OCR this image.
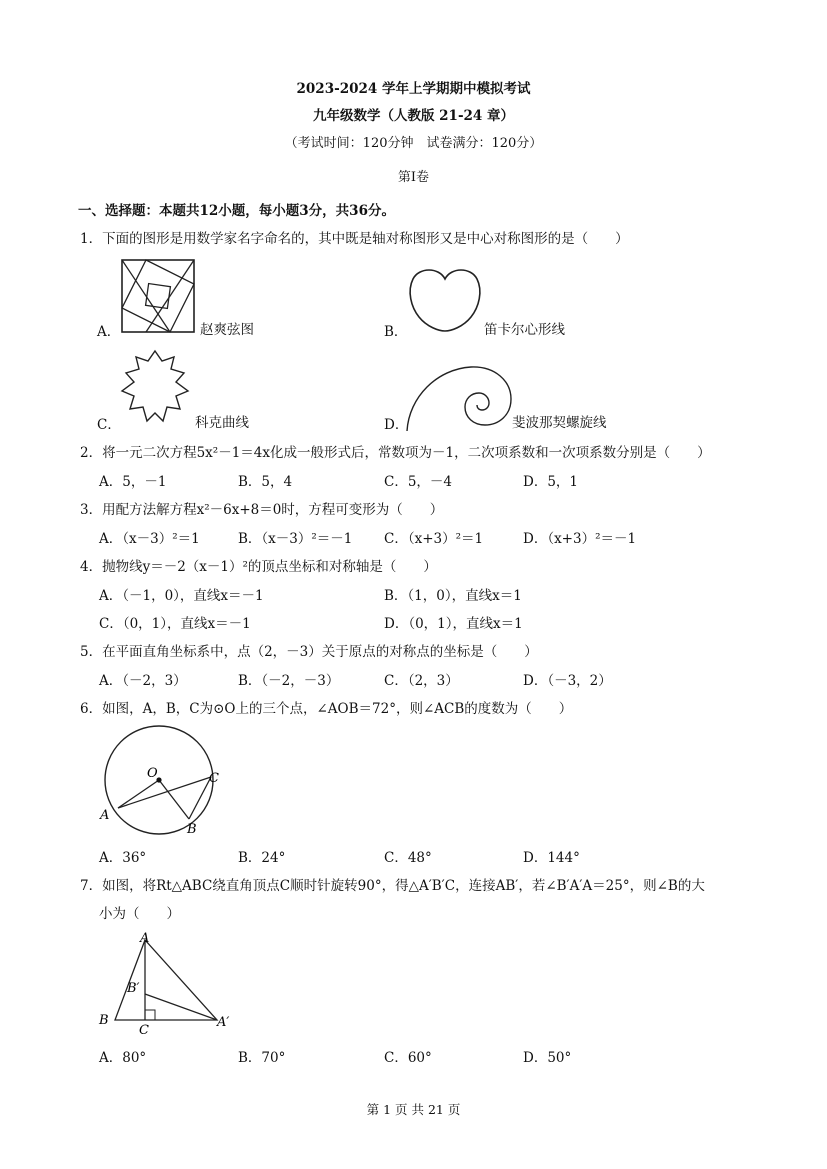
2023-2024 学年上学期期中模拟考试
九年级数学（人教版 21-24 章）
（考试时间：120分钟　试卷满分：120分）
第Ⅰ卷
一、选择题：本题共12小题，每小题3分，共36分。
1．下面的图形是用数学家名字命名的，其中既是轴对称图形又是中心对称图形的是（　　）
A．	赵爽弦图	B．	笛卡尔心形线
C．	科克曲线	D．	斐波那契螺旋线
2．将一元二次方程5x²－1＝4x化成一般形式后，常数项为－1，二次项系数和一次项系数分别是（　　）
A．5，－1	B．5，4	C．5，－4	D．5，1
3．用配方法解方程x²－6x+8＝0时，方程可变形为（　　）
A．（x－3）²＝1	B．（x－3）²＝－1 C．（x+3）²＝1	D．（x+3）²＝－1
4．抛物线y＝－2（x－1）²的顶点坐标和对称轴是（　　）
A．（－1，0），直线x＝－1	B．（1，0），直线x＝1
C．（0，1），直线x＝－1	D．（0，1），直线x＝1
5．在平面直角坐标系中，点（2，－3）关于原点的对称点的坐标是（　　）
A．（－2，3）	B．（－2，－3）	C．（2，3）	D．（－3，2）
6．如图，A，B，C为⊙O上的三个点，∠AOB＝72°，则∠ACB的度数为（　　）
O
A
B
C
A．36°	B．24°	C．48°	D．144°
7．如图，将Rt△ABC绕直角顶点C顺时针旋转90°，得△A′B′C，连接AB′，若∠B′A′A＝25°，则∠B的大
小为（　　）
A
B
C
B′
A′
A．80°	B．70°	C．60°	D．50°
第 1 页 共 21 页
